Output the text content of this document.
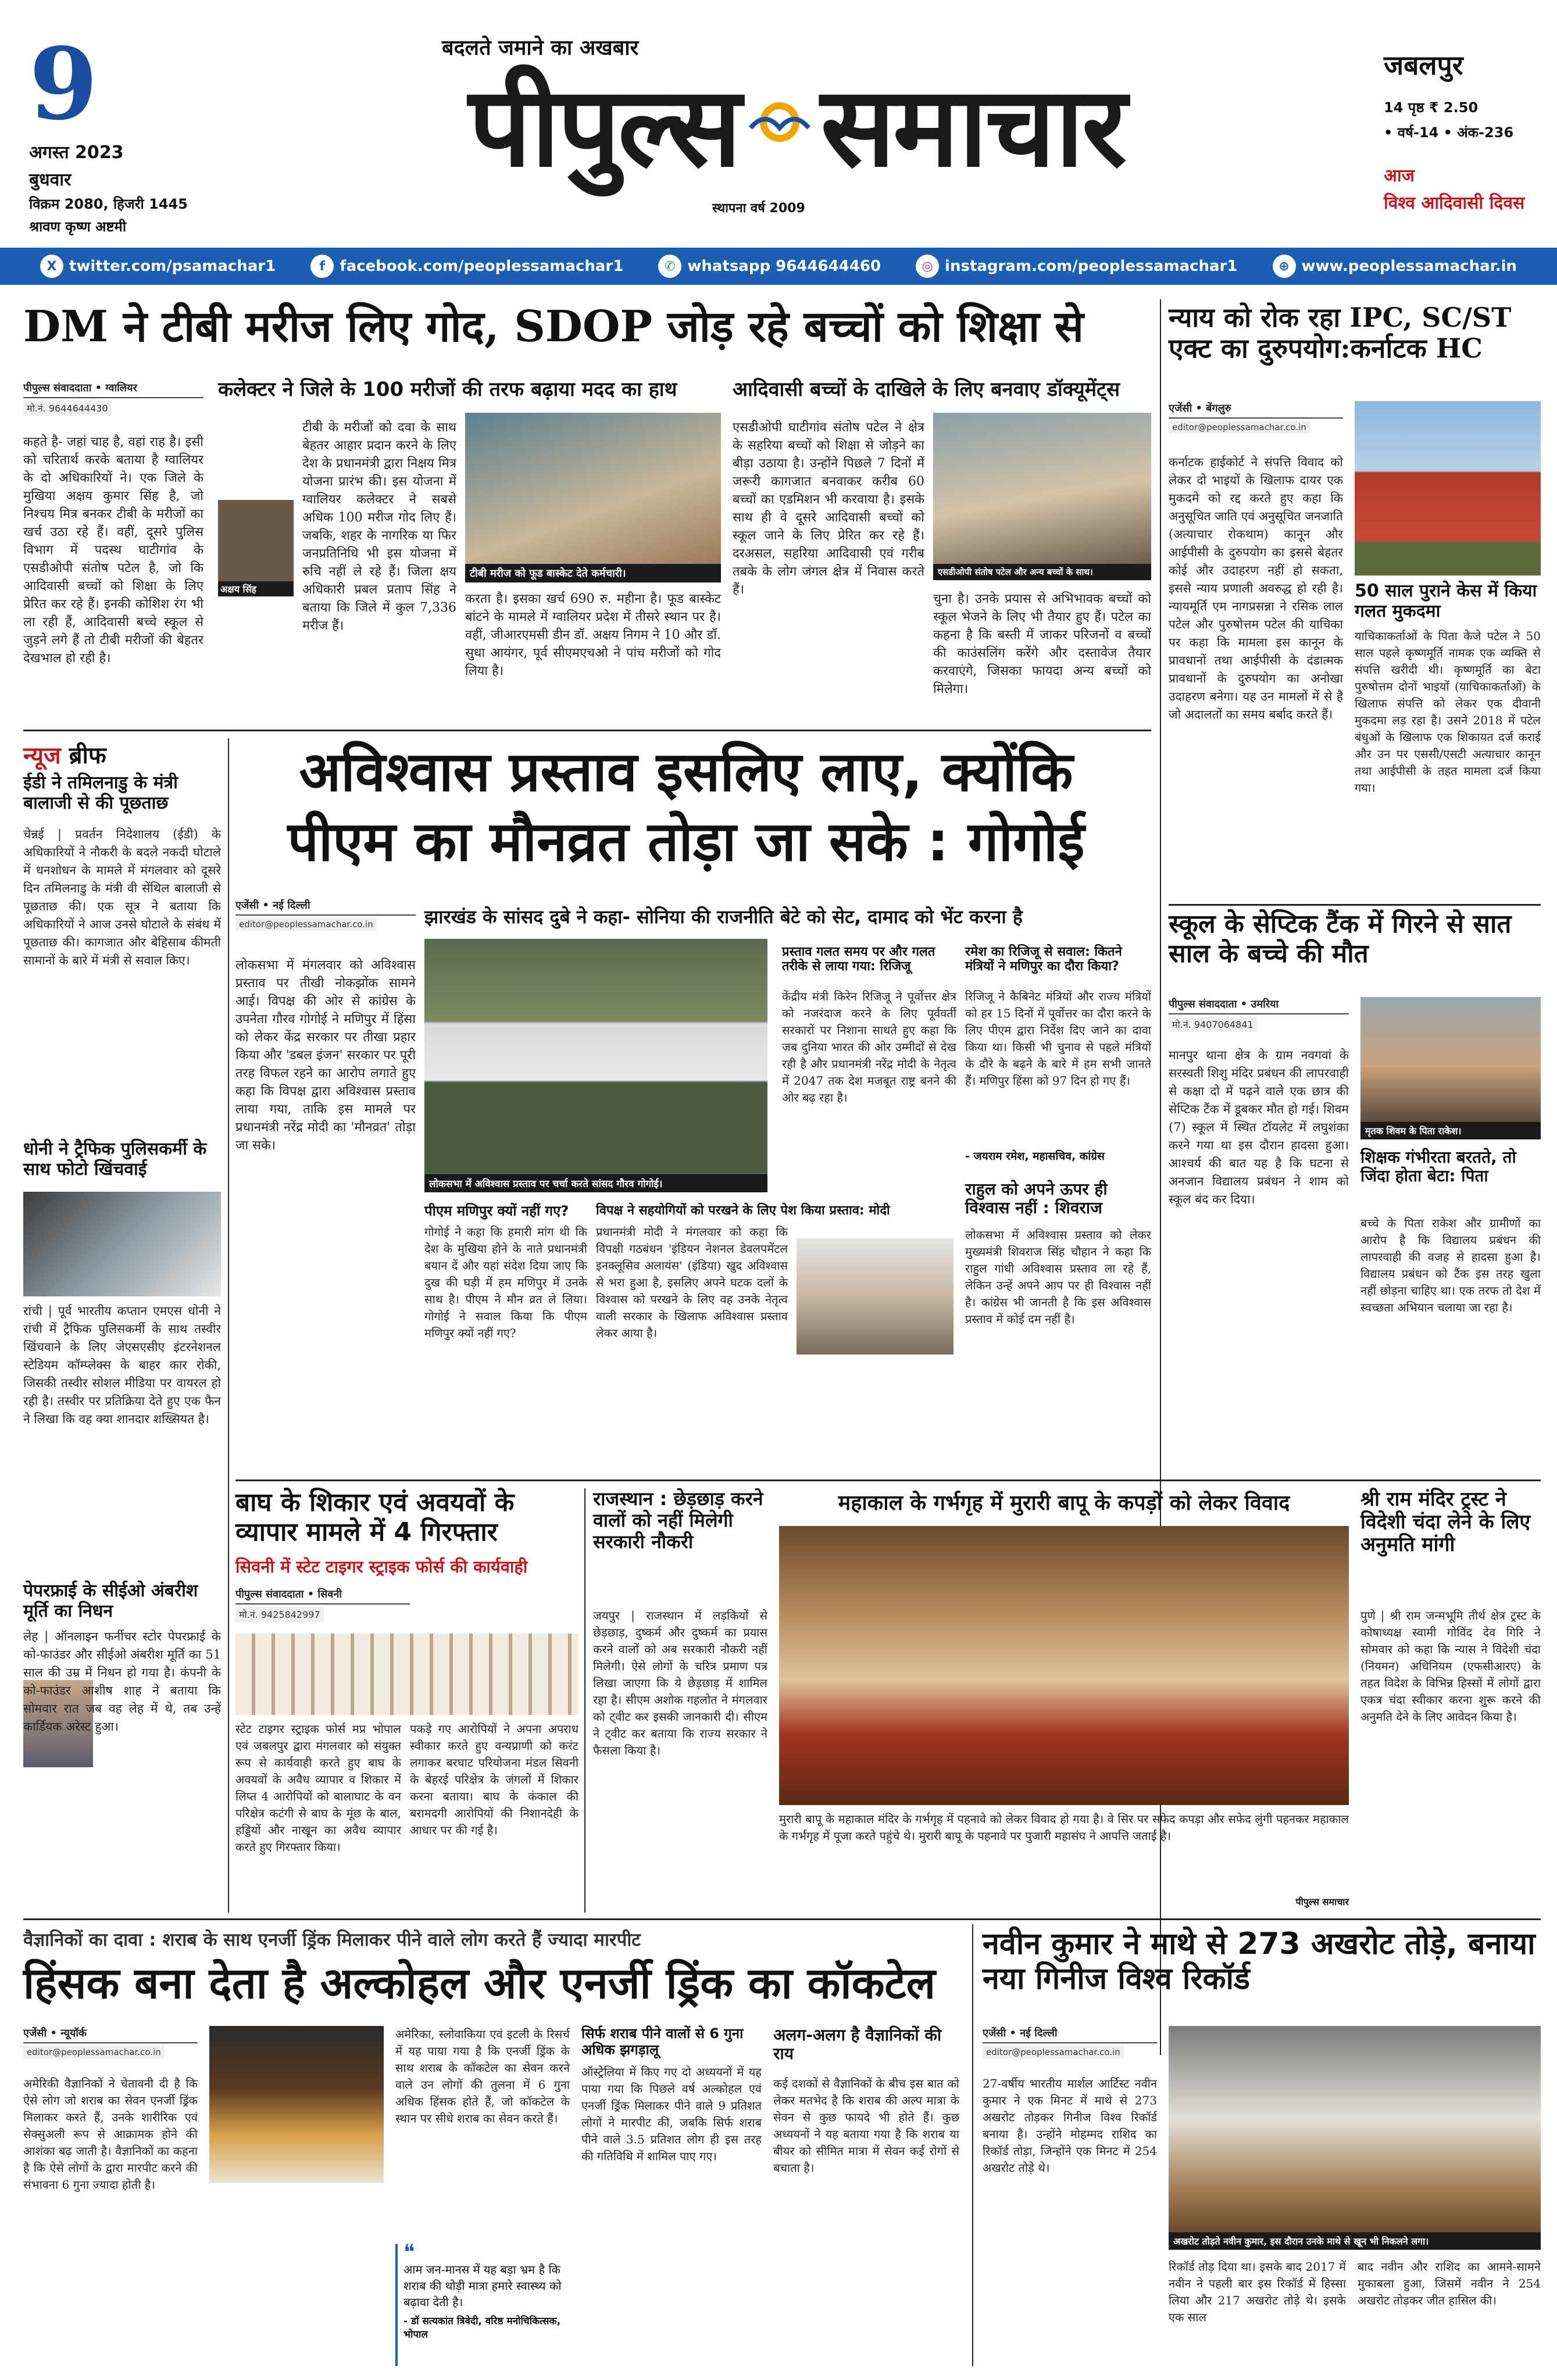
9
अगस्त 2023
बुधवार
विक्रम 2080, हिजरी 1445
श्रावण कृष्ण अष्टमी
बदलते जमाने का अखबार
पीपुल्स समाचार
स्थापना वर्ष 2009
जबलपुर
14 पृष्ठ ₹ 2.50
• वर्ष-14 • अंक-236
आज
विश्व आदिवासी दिवस
X twitter.com/psamachar1	f facebook.com/peoplessamachar1	✆ whatsapp 9644644460	◎ instagram.com/peoplessamachar1	⊕ www.peoplessamachar.in
DM ने टीबी मरीज लिए गोद, SDOP जोड़ रहे बच्चों को शिक्षा से
पीपुल्स संवाददाता • ग्वालियर
मो.नं. 9644644430
कलेक्टर ने जिले के 100 मरीजों की तरफ बढ़ाया मदद का हाथ	आदिवासी बच्चों के दाखिले के लिए बनवाए डॉक्यूमेंट्स
कहते है- जहां चाह है, वहां राह है। इसी को चरितार्थ करके बताया है ग्वालियर के दो अधिकारियों ने। एक जिले के मुखिया अक्षय कुमार सिंह है, जो निश्चय मित्र बनकर टीबी के मरीजों का खर्च उठा रहे हैं। वहीं, दूसरे पुलिस विभाग में पदस्थ घाटीगांव के एसडीओपी संतोष पटेल है, जो कि आदिवासी बच्चों को शिक्षा के लिए प्रेरित कर रहे हैं। इनकी कोशिश रंग भी ला रही हैं, आदिवासी बच्चे स्कूल से जुड़ने लगे हैं तो टीबी मरीजों की बेहतर देखभाल हो रही है।
अक्षय सिंह
टीबी के मरीजों को दवा के साथ बेहतर आहार प्रदान करने के लिए देश के प्रधानमंत्री द्वारा निक्षय मित्र योजना प्रारंभ की। इस योजना में ग्वालियर कलेक्टर ने सबसे अधिक 100 मरीज गोद लिए हैं। जबकि, शहर के नागरिक या फिर जनप्रतिनिधि भी इस योजना में रुचि नहीं ले रहे हैं। जिला क्षय अधिकारी प्रबल प्रताप सिंह ने बताया कि जिले में कुल 7,336 मरीज हैं।
टीबी मरीज को फूड बास्केट देते कर्मचारी।
करता है। इसका खर्च 690 रु. महीना है। फूड बास्केट बांटने के मामले में ग्वालियर प्रदेश में तीसरे स्थान पर है। वहीं, जीआरएमसी डीन डॉ. अक्षय निगम ने 10 और डॉ. सुधा आयंगर, पूर्व सीएमएचओ ने पांच मरीजों को गोद लिया है।
एसडीओपी घाटीगांव संतोष पटेल ने क्षेत्र के सहरिया बच्चों को शिक्षा से जोड़ने का बीड़ा उठाया है। उन्होंने पिछले 7 दिनों में जरूरी कागजात बनवाकर करीब 60 बच्चों का एडमिशन भी करवाया है। इसके साथ ही वे दूसरे आदिवासी बच्चों को स्कूल जाने के लिए प्रेरित कर रहे हैं। दरअसल, सहरिया आदिवासी एवं गरीब तबके के लोग जंगल क्षेत्र में निवास करते हैं।
एसडीओपी संतोष पटेल और अन्य बच्चों के साथ।
चुना है। उनके प्रयास से अभिभावक बच्चों को स्कूल भेजने के लिए भी तैयार हुए हैं। पटेल का कहना है कि बस्ती में जाकर परिजनों व बच्चों की काउंसलिंग करेंगे और दस्तावेज तैयार करवाएंगे, जिसका फायदा अन्य बच्चों को मिलेगा।
न्याय को रोक रहा IPC, SC/ST एक्ट का दुरुपयोग:कर्नाटक HC
एजेंसी • बेंगलुरु
editor@peoplessamachar.co.in
कर्नाटक हाईकोर्ट ने संपत्ति विवाद को लेकर दो भाइयों के खिलाफ दायर एक मुकदमे को रद्द करते हुए कहा कि अनुसूचित जाति एवं अनुसूचित जनजाति (अत्याचार रोकथाम) कानून और आईपीसी के दुरुपयोग का इससे बेहतर कोई और उदाहरण नहीं हो सकता, इससे न्याय प्रणाली अवरुद्ध हो रही है। न्यायमूर्ति एम नागप्रसन्ना ने रसिक लाल पटेल और पुरुषोत्तम पटेल की याचिका पर कहा कि मामला इस कानून के प्रावधानों तथा आईपीसी के दंडात्मक प्रावधानों के दुरुपयोग का अनोखा उदाहरण बनेगा। यह उन मामलों में से है जो अदालतों का समय बर्बाद करते हैं।
50 साल पुराने केस में किया गलत मुकदमा
याचिकाकर्ताओं के पिता केजे पटेल ने 50 साल पहले कृष्णमूर्ति नामक एक व्यक्ति से संपत्ति खरीदी थी। कृष्णमूर्ति का बेटा पुरुषोत्तम दोनों भाइयों (याचिकाकर्ताओं) के खिलाफ संपत्ति को लेकर एक दीवानी मुकदमा लड़ रहा है। उसने 2018 में पटेल बंधुओं के खिलाफ एक शिकायत दर्ज कराई और उन पर एससी/एसटी अत्याचार कानून तथा आईपीसी के तहत मामला दर्ज किया गया।
न्यूज ब्रीफ
ईडी ने तमिलनाडु के मंत्री बालाजी से की पूछताछ
चेन्नई | प्रवर्तन निदेशालय (ईडी) के अधिकारियों ने नौकरी के बदले नकदी घोटाले में धनशोधन के मामले में मंगलवार को दूसरे दिन तमिलनाडु के मंत्री वी सेंथिल बालाजी से पूछताछ की। एक सूत्र ने बताया कि अधिकारियों ने आज उनसे घोटाले के संबंध में पूछताछ की। कागजात और बेहिसाब कीमती सामानों के बारे में मंत्री से सवाल किए।
धोनी ने ट्रैफिक पुलिसकर्मी के साथ फोटो खिंचवाई
रांची | पूर्व भारतीय कप्तान एमएस धोनी ने रांची में ट्रैफिक पुलिसकर्मी के साथ तस्वीर खिंचवाने के लिए जेएसएसीए इंटरनेशनल स्टेडियम कॉम्प्लेक्स के बाहर कार रोकी, जिसकी तस्वीर सोशल मीडिया पर वायरल हो रही है। तस्वीर पर प्रतिक्रिया देते हुए एक फैन ने लिखा कि वह क्या शानदार शख्सियत है।
पेपरफ्राई के सीईओ अंबरीश मूर्ति का निधन
लेह | ऑनलाइन फर्नीचर स्टोर पेपरफ्राई के को-फाउंडर और सीईओ अंबरीश मूर्ति का 51 साल की उम्र में निधन हो गया है। कंपनी के को-फाउंडर आशीष शाह ने बताया कि सोमवार रात जब वह लेह में थे, तब उन्हें कार्डियक अरेस्ट हुआ।
अविश्वास प्रस्ताव इसलिए लाए, क्योंकि
पीएम का मौनव्रत तोड़ा जा सके : गोगोई
एजेंसी • नई दिल्ली
editor@peoplessamachar.co.in	झारखंड के सांसद दुबे ने कहा- सोनिया की राजनीति बेटे को सेट, दामाद को भेंट करना है
लोकसभा में मंगलवार को अविश्वास प्रस्ताव पर तीखी नोकझोंक सामने आई। विपक्ष की ओर से कांग्रेस के उपनेता गौरव गोगोई ने मणिपुर में हिंसा को लेकर केंद्र सरकार पर तीखा प्रहार किया और 'डबल इंजन' सरकार पर पूरी तरह विफल रहने का आरोप लगाते हुए कहा कि विपक्ष द्वारा अविश्वास प्रस्ताव लाया गया, ताकि इस मामले पर प्रधानमंत्री नरेंद्र मोदी का 'मौनव्रत' तोड़ा जा सके।
लोकसभा में अविश्वास प्रस्ताव पर चर्चा करते सांसद गौरव गोगोई।
पीएम मणिपुर क्यों नहीं गए?
गोगोई ने कहा कि हमारी मांग थी कि देश के मुखिया होने के नाते प्रधानमंत्री बयान दें और यहां संदेश दिया जाए कि दुख की घड़ी में हम मणिपुर में उनके साथ है। पीएम ने मौन व्रत ले लिया। गोगोई ने सवाल किया कि पीएम मणिपुर क्यों नहीं गए?
प्रस्ताव गलत समय पर और गलत तरीके से लाया गया: रिजिजू
केंद्रीय मंत्री किरेन रिजिजू ने पूर्वोत्तर क्षेत्र को नजरंदाज करने के लिए पूर्ववर्ती सरकारों पर निशाना साधते हुए कहा कि जब दुनिया भारत की ओर उम्मीदों से देख रही है और प्रधानमंत्री नरेंद्र मोदी के नेतृत्व में 2047 तक देश मजबूत राष्ट्र बनने की ओर बढ़ रहा है।
रमेश का रिजिजू से सवाल: कितने मंत्रियों ने मणिपुर का दौरा किया?
रिजिजू ने कैबिनेट मंत्रियों और राज्य मंत्रियों को हर 15 दिनों में पूर्वोत्तर का दौरा करने के लिए पीएम द्वारा निर्देश दिए जाने का दावा किया था। किसी भी चुनाव से पहले मंत्रियों के दौरे के बढ़ने के बारे में हम सभी जानते हैं। मणिपुर हिंसा को 97 दिन हो गए हैं।
- जयराम रमेश, महासचिव, कांग्रेस
राहुल को अपने ऊपर ही विश्वास नहीं : शिवराज
लोकसभा में अविश्वास प्रस्ताव को लेकर मुख्यमंत्री शिवराज सिंह चौहान ने कहा कि राहुल गांधी अविश्वास प्रस्ताव ला रहे हैं, लेकिन उन्हें अपने आप पर ही विश्वास नहीं है। कांग्रेस भी जानती है कि इस अविश्वास प्रस्ताव में कोई दम नहीं है।
विपक्ष ने सहयोगियों को परखने के लिए पेश किया प्रस्ताव: मोदी
प्रधानमंत्री मोदी ने मंगलवार को कहा कि विपक्षी गठबंधन 'इंडियन नेशनल डेवलपमेंटल इनक्लूसिव अलायंस' (इंडिया) खुद अविश्वास से भरा हुआ है, इसलिए अपने घटक दलों के विश्वास को परखने के लिए वह उनके नेतृत्व वाली सरकार के खिलाफ अविश्वास प्रस्ताव लेकर आया है।
स्कूल के सेप्टिक टैंक में गिरने से सात साल के बच्चे की मौत
पीपुल्स संवाददाता • उमरिया
मो.नं. 9407064841
मानपुर थाना क्षेत्र के ग्राम नवगवां के सरस्वती शिशु मंदिर प्रबंधन की लापरवाही से कक्षा दो में पढ़ने वाले एक छात्र की सेप्टिक टैंक में डूबकर मौत हो गई। शिवम (7) स्कूल में स्थित टॉयलेट में लघुशंका करने गया था इस दौरान हादसा हुआ। आश्चर्य की बात यह है कि घटना से अनजान विद्यालय प्रबंधन ने शाम को स्कूल बंद कर दिया।
मृतक शिवम के पिता राकेश।
शिक्षक गंभीरता बरतते, तो जिंदा होता बेटा: पिता
बच्चे के पिता राकेश और ग्रामीणों का आरोप है कि विद्यालय प्रबंधन की लापरवाही की वजह से हादसा हुआ है। विद्यालय प्रबंधन को टैंक इस तरह खुला नहीं छोड़ना चाहिए था। एक तरफ तो देश में स्वच्छता अभियान चलाया जा रहा है।
बाघ के शिकार एवं अवयवों के व्यापार मामले में 4 गिरफ्तार
सिवनी में स्टेट टाइगर स्ट्राइक फोर्स की कार्यवाही
पीपुल्स संवाददाता • सिवनी
मो.नं. 9425842997
स्टेट टाइगर स्ट्राइक फोर्स मप्र भोपाल एवं जबलपुर द्वारा मंगलवार को संयुक्त रूप से कार्यवाही करते हुए बाघ के अवयवों के अवैध व्यापार व शिकार में लिप्त 4 आरोपियों को बालाघाट के वन परिक्षेत्र कटंगी से बाघ के मूंछ के बाल, हड्डियों और नाखून का अवैध व्यापार करते हुए गिरफ्तार किया।
पकड़े गए आरोपियों ने अपना अपराध स्वीकार करते हुए वन्यप्राणी को करंट लगाकर बरघाट परियोजना मंडल सिवनी के बेहरई परिक्षेत्र के जंगलों में शिकार करना बताया। बाघ के कंकाल की बरामदगी आरोपियों की निशानदेही के आधार पर की गई है।
राजस्थान : छेड़छाड़ करने वालों को नहीं मिलेगी सरकारी नौकरी
जयपुर | राजस्थान में लड़कियों से छेड़छाड़, दुष्कर्म और दुष्कर्म का प्रयास करने वालों को अब सरकारी नौकरी नहीं मिलेगी। ऐसे लोगों के चरित्र प्रमाण पत्र लिखा जाएगा कि ये छेड़छाड़ में शामिल रहा है। सीएम अशोक गहलोत ने मंगलवार को ट्वीट कर इसकी जानकारी दी। सीएम ने ट्वीट कर बताया कि राज्य सरकार ने फैसला किया है।
महाकाल के गर्भगृह में मुरारी बापू के कपड़ों को लेकर विवाद
मुरारी बापू के महाकाल मंदिर के गर्भगृह में पहनावे को लेकर विवाद हो गया है। वे सिर पर सफेद कपड़ा और सफेद लुंगी पहनकर महाकाल के गर्भगृह में पूजा करते पहुंचे थे। मुरारी बापू के पहनावे पर पुजारी महासंघ ने आपत्ति जताई है।
पीपुल्स समाचार
श्री राम मंदिर ट्रस्ट ने विदेशी चंदा लेने के लिए अनुमति मांगी
पुणे | श्री राम जन्मभूमि तीर्थ क्षेत्र ट्रस्ट के कोषाध्यक्ष स्वामी गोविंद देव गिरि ने सोमवार को कहा कि न्यास ने विदेशी चंदा (नियमन) अधिनियम (एफसीआरए) के तहत विदेश के विभिन्न हिस्सों में लोगों द्वारा एकत्र चंदा स्वीकार करना शुरू करने की अनुमति देने के लिए आवेदन किया है।
वैज्ञानिकों का दावा : शराब के साथ एनर्जी ड्रिंक मिलाकर पीने वाले लोग करते हैं ज्यादा मारपीट
हिंसक बना देता है अल्कोहल और एनर्जी ड्रिंक का कॉकटेल
एजेंसी • न्यूयॉर्क
editor@peoplessamachar.co.in
अमेरिकी वैज्ञानिकों ने चेतावनी दी है कि ऐसे लोग जो शराब का सेवन एनर्जी ड्रिंक मिलाकर करते हैं, उनके शारीरिक एवं सेक्सुअली रूप से आक्रामक होने की आशंका बढ़ जाती है। वैज्ञानिकों का कहना है कि ऐसे लोगों के द्वारा मारपीट करने की संभावना 6 गुना ज्यादा होती है।
अमेरिका, स्लोवाकिया एवं इटली के रिसर्च में यह पाया गया है कि एनर्जी ड्रिंक के साथ शराब के कॉकटेल का सेवन करने वाले उन लोगों की तुलना में 6 गुना अधिक हिंसक होते हैं, जो कॉकटेल के स्थान पर सीधे शराब का सेवन करते हैं।
❝
आम जन-मानस में यह बड़ा भ्रम है कि शराब की थोड़ी मात्रा हमारे स्वास्थ्य को बढ़ावा देती है।
- डॉ सत्यकांत त्रिवेदी, वरिष्ठ मनोचिकित्सक, भोपाल
सिर्फ शराब पीने वालों से 6 गुना अधिक झगड़ालू
ऑस्ट्रेलिया में किए गए दो अध्ययनों में यह पाया गया कि पिछले वर्ष अल्कोहल एवं एनर्जी ड्रिंक मिलाकर पीने वाले 9 प्रतिशत लोगों ने मारपीट की, जबकि सिर्फ शराब पीने वाले 3.5 प्रतिशत लोग ही इस तरह की गतिविधि में शामिल पाए गए।
अलग-अलग है वैज्ञानिकों की राय
कई दशकों से वैज्ञानिकों के बीच इस बात को लेकर मतभेद है कि शराब की अल्प मात्रा के सेवन से कुछ फायदे भी होते हैं। कुछ अध्ययनों ने यह बताया गया है कि शराब या बीयर को सीमित मात्रा में सेवन कई रोगों से बचाता है।
नवीन कुमार ने माथे से 273 अखरोट तोड़े, बनाया नया गिनीज विश्व रिकॉर्ड
एजेंसी • नई दिल्ली
editor@peoplessamachar.co.in
27-वर्षीय भारतीय मार्शल आर्टिस्ट नवीन कुमार ने एक मिनट में माथे से 273 अखरोट तोड़कर गिनीज विश्व रिकॉर्ड बनाया है। उन्होंने मोहम्मद राशिद का रिकॉर्ड तोड़ा, जिन्होंने एक मिनट में 254 अखरोट तोड़े थे।
अखरोट तोड़ते नवीन कुमार, इस दौरान उनके माथे से खून भी निकलने लगा।
रिकॉर्ड तोड़ दिया था। इसके बाद 2017 में नवीन ने पहली बार इस रिकॉर्ड में हिस्सा लिया और 217 अखरोट तोड़े थे। इसके एक साल
बाद नवीन और राशिद का आमने-सामने मुकाबला हुआ, जिसमें नवीन ने 254 अखरोट तोड़कर जीत हासिल की।
